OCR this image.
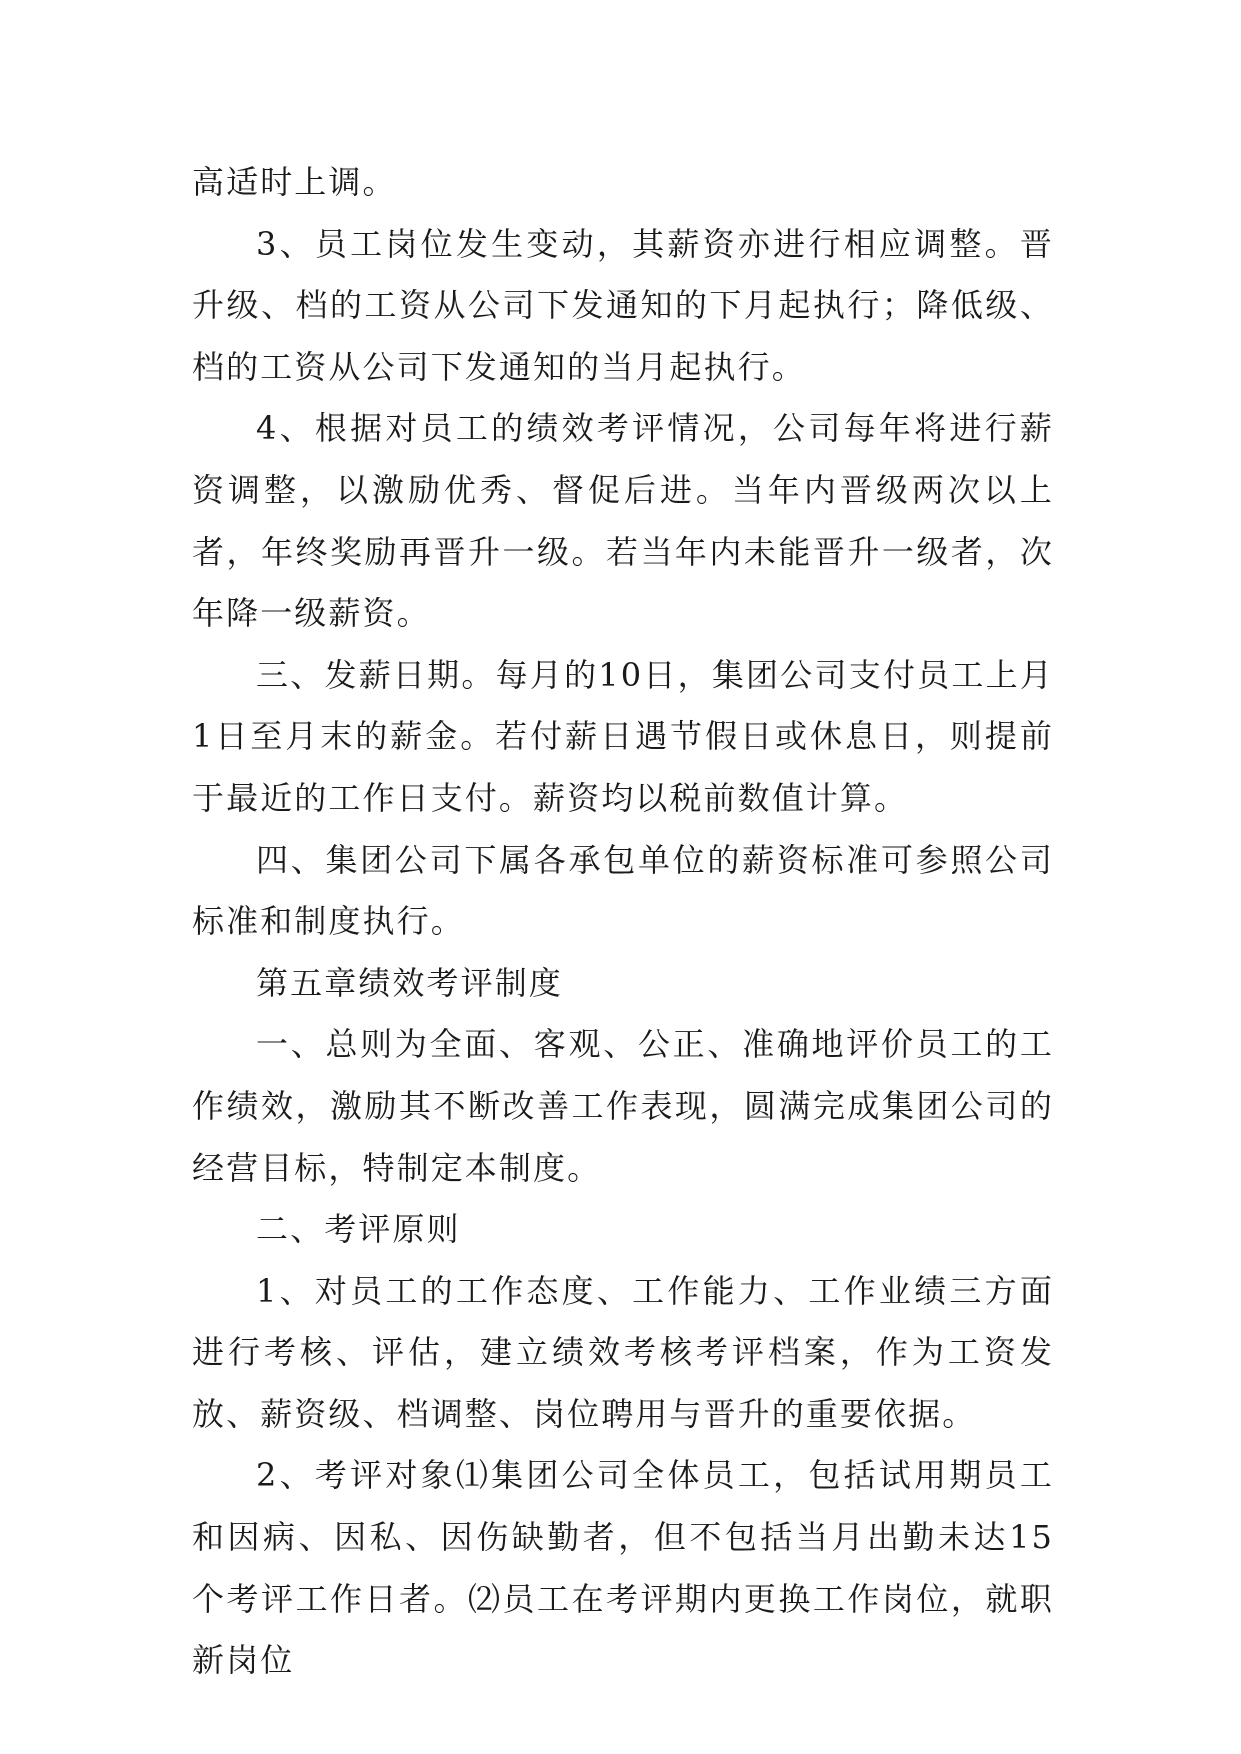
高适时上调。

3、员工岗位发生变动，其薪资亦进行相应调整。晋升级、档的工资从公司下发通知的下月起执行；降低级、档的工资从公司下发通知的当月起执行。

4、根据对员工的绩效考评情况，公司每年将进行薪资调整，以激励优秀、督促后进。当年内晋级两次以上者，年终奖励再晋升一级。若当年内未能晋升一级者，次年降一级薪资。

三、发薪日期。每月的10日，集团公司支付员工上月1日至月末的薪金。若付薪日遇节假日或休息日，则提前于最近的工作日支付。薪资均以税前数值计算。

四、集团公司下属各承包单位的薪资标准可参照公司标准和制度执行。

第五章绩效考评制度

一、总则为全面、客观、公正、准确地评价员工的工作绩效，激励其不断改善工作表现，圆满完成集团公司的经营目标，特制定本制度。

二、考评原则

1、对员工的工作态度、工作能力、工作业绩三方面进行考核、评估，建立绩效考核考评档案，作为工资发放、薪资级、档调整、岗位聘用与晋升的重要依据。

2、考评对象⑴集团公司全体员工，包括试用期员工和因病、因私、因伤缺勤者，但不包括当月出勤未达15个考评工作日者。⑵员工在考评期内更换工作岗位，就职新岗位
